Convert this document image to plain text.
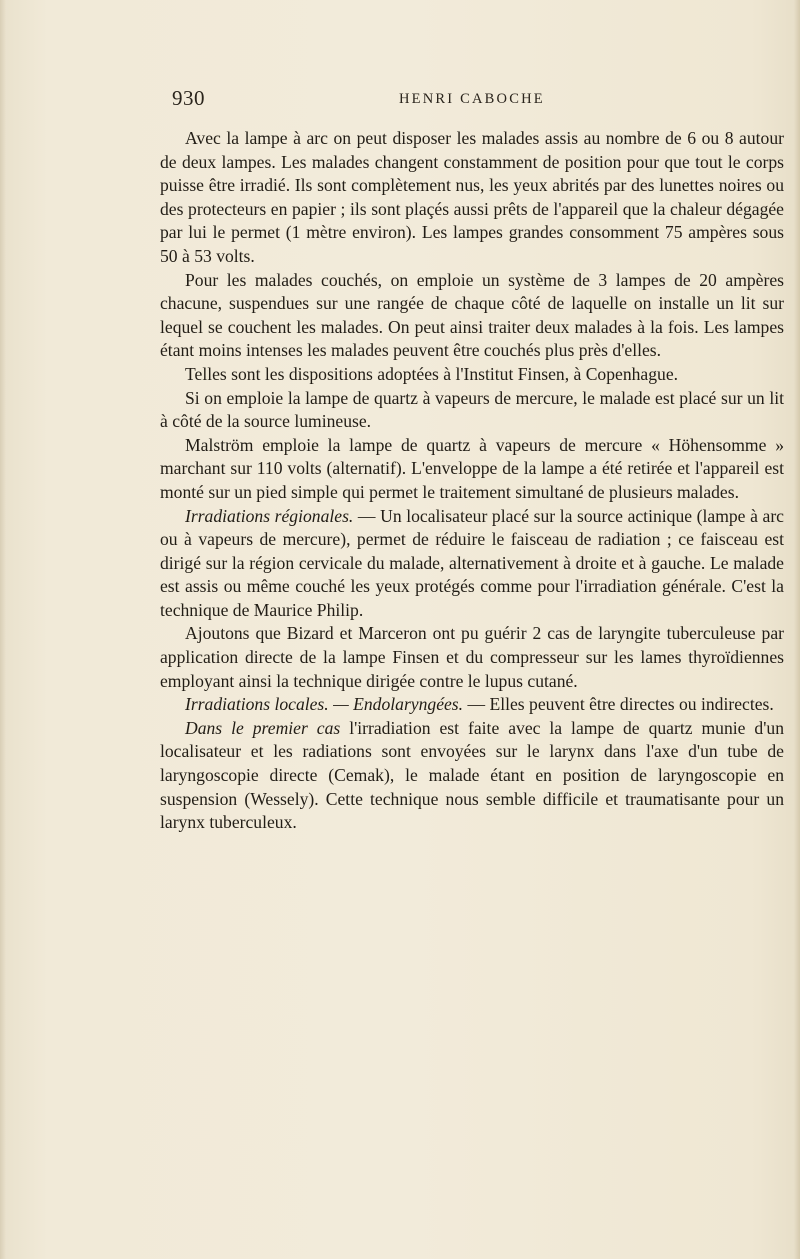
930	HENRI CABOCHE

Avec la lampe à arc on peut disposer les malades assis au nombre de 6 ou 8 autour de deux lampes. Les malades changent constamment de position pour que tout le corps puisse être irradié. Ils sont complètement nus, les yeux abrités par des lunettes noires ou des protecteurs en papier ; ils sont plaçés aussi prêts de l'appareil que la chaleur dégagée par lui le permet (1 mètre environ). Les lampes grandes consomment 75 ampères sous 50 à 53 volts.

Pour les malades couchés, on emploie un système de 3 lampes de 20 ampères chacune, suspendues sur une rangée de chaque côté de laquelle on installe un lit sur lequel se couchent les malades. On peut ainsi traiter deux malades à la fois. Les lampes étant moins intenses les malades peuvent être couchés plus près d'elles.

Telles sont les dispositions adoptées à l'Institut Finsen, à Copenhague.

Si on emploie la lampe de quartz à vapeurs de mercure, le malade est placé sur un lit à côté de la source lumineuse.

Malström emploie la lampe de quartz à vapeurs de mercure « Höhensomme » marchant sur 110 volts (alternatif). L'enveloppe de la lampe a été retirée et l'appareil est monté sur un pied simple qui permet le traitement simultané de plusieurs malades.

Irradiations régionales. — Un localisateur placé sur la source actinique (lampe à arc ou à vapeurs de mercure), permet de réduire le faisceau de radiation ; ce faisceau est dirigé sur la région cervicale du malade, alternativement à droite et à gauche. Le malade est assis ou même couché les yeux protégés comme pour l'irradiation générale. C'est la technique de Maurice Philip.

Ajoutons que Bizard et Marceron ont pu guérir 2 cas de laryngite tuberculeuse par application directe de la lampe Finsen et du compresseur sur les lames thyroïdiennes employant ainsi la technique dirigée contre le lupus cutané.

Irradiations locales. — Endolaryngées. — Elles peuvent être directes ou indirectes.

Dans le premier cas l'irradiation est faite avec la lampe de quartz munie d'un localisateur et les radiations sont envoyées sur le larynx dans l'axe d'un tube de laryngoscopie directe (Cemak), le malade étant en position de laryngoscopie en suspension (Wessely). Cette technique nous semble difficile et traumatisante pour un larynx tuberculeux.
